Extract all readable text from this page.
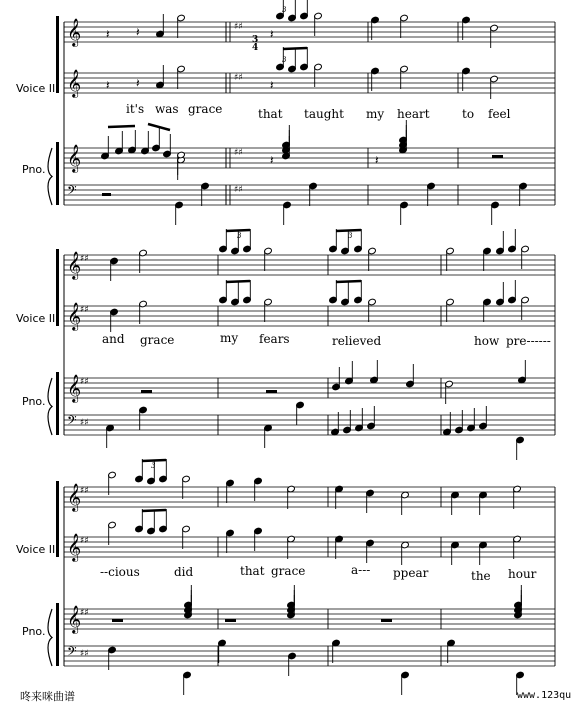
𝄞
𝄞
𝄞
𝄢
𝄞
♯♯
𝄞
♯♯
𝄞
♯♯
𝄢 ♯♯
𝄞
♯♯
𝄞
♯♯
𝄞
♯♯
𝄢 ♯♯
♯♯
♯♯
♯♯
♯♯
𝄽 𝄽	𝄽
𝄽 𝄽	𝄽
𝄽	𝄽
Voice II
Pno.
Voice II
Pno.
Voice II
Pno.
3
4
3
3
3	3
3
it's was grace	that taught my heart	to feel
and grace	my fears	relieved	how pre------
--cious	did	that grace	a--- ppear	the hour
咚来咪曲谱	www.123qu
